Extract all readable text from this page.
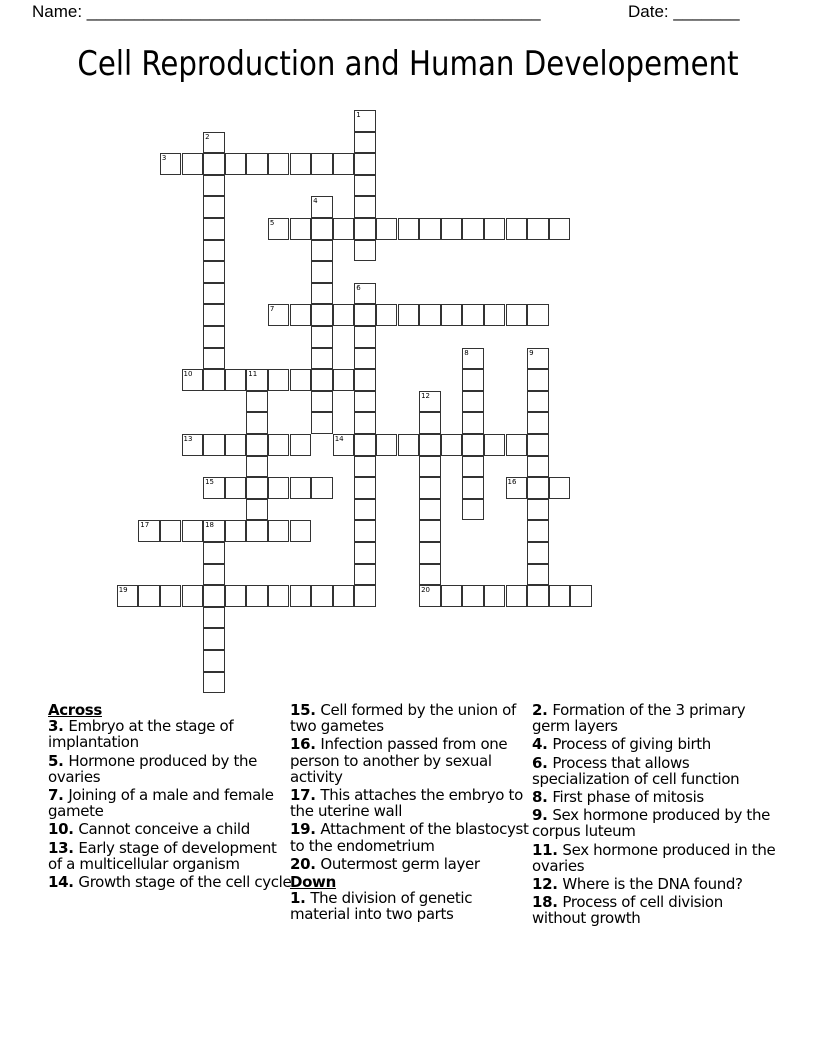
Name: ________________________________________________	Date: _______
Cell Reproduction and Human Developement
1
2
3
4
5
6
7
8	9
10	11
12
20
13	14
15	16
17	18
19
Across
3. Embryo at the stage of implantation
5. Hormone produced by the ovaries
7. Joining of a male and female gamete
10. Cannot conceive a child
13. Early stage of development of a multicellular organism
14. Growth stage of the cell cycle
15. Cell formed by the union of two gametes
16. Infection passed from one person to another by sexual activity
17. This attaches the embryo to the uterine wall
19. Attachment of the blastocyst to the endometrium
20. Outermost germ layer
Down
1. The division of genetic material into two parts
2. Formation of the 3 primary germ layers
4. Process of giving birth
6. Process that allows specialization of cell function
8. First phase of mitosis
9. Sex hormone produced by the corpus luteum
11. Sex hormone produced in the ovaries
12. Where is the DNA found?
18. Process of cell division without growth
